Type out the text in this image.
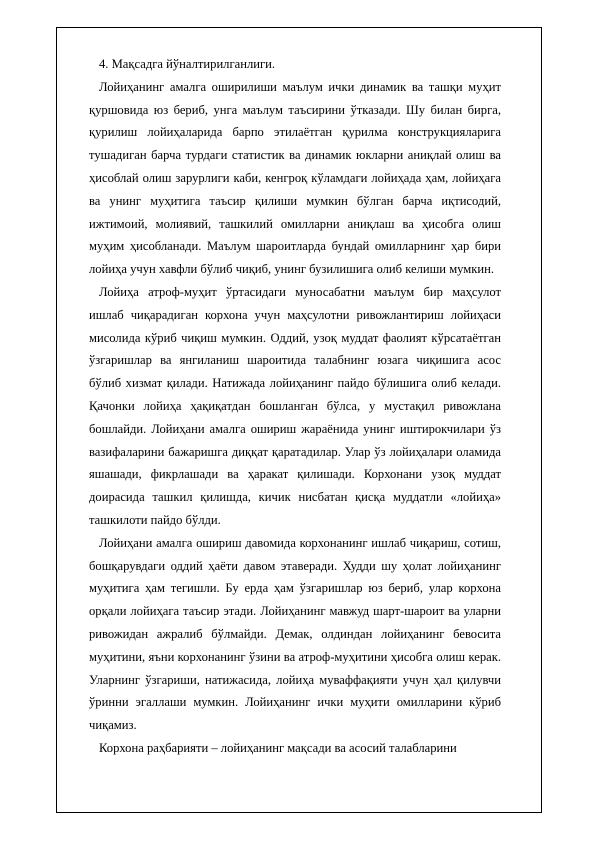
4. Мақсадга йўналтирилганлиги.

Лойиҳанинг амалга оширилиши маълум ички динамик ва ташқи муҳит қуршовида юз бериб, унга маълум таъсирини ўтказади. Шу билан бирга, қурилиш лойиҳаларида барпо этилаётган қурилма конструкцияларига тушадиган барча турдаги статистик ва динамик юкларни аниқлай олиш ва ҳисоблай олиш зарурлиги каби, кенгроқ кўламдаги лойиҳада ҳам, лойиҳага ва унинг муҳитига таъсир қилиши мумкин бўлган барча иқтисодий, ижтимоий, молиявий, ташкилий омилларни аниқлаш ва ҳисобга олиш муҳим ҳисобланади. Маълум шароитларда бундай омилларнинг ҳар бири лойиҳа учун хавфли бўлиб чиқиб, унинг бузилишига олиб келиши мумкин.

Лойиҳа атроф-муҳит ўртасидаги муносабатни маълум бир маҳсулот ишлаб чиқарадиган корхона учун маҳсулотни ривожлантириш лойиҳаси мисолида кўриб чиқиш мумкин. Оддий, узоқ муддат фаолият кўрсатаётган ўзгаришлар ва янгиланиш шароитида талабнинг юзага чиқишига асос бўлиб хизмат қилади. Натижада лойиҳанинг пайдо бўлишига олиб келади. Қачонки лойиҳа ҳақиқатдан бошланган бўлса, у мустақил ривожлана бошлайди. Лойиҳани амалга ошириш жараёнида унинг иштирокчилари ўз вазифаларини бажаришга диққат қаратадилар. Улар ўз лойиҳалари оламида яшашади, фикрлашади ва ҳаракат қилишади. Корхонани узоқ муддат доирасида ташкил қилишда, кичик нисбатан қисқа муддатли «лойиҳа» ташкилоти пайдо бўлди.

Лойиҳани амалга ошириш давомида корхонанинг ишлаб чиқариш, сотиш, бошқарувдаги оддий ҳаёти давом этаверади. Худди шу ҳолат лойиҳанинг муҳитига ҳам тегишли. Бу ерда ҳам ўзгаришлар юз бериб, улар корхона орқали лойиҳага таъсир этади. Лойиҳанинг мавжуд шарт-шароит ва уларни ривожидан ажралиб бўлмайди. Демак, олдиндан лойиҳанинг бевосита муҳитини, яъни корхонанинг ўзини ва атроф-муҳитини ҳисобга олиш керак. Уларнинг ўзгариши, натижасида, лойиҳа муваффақияти учун ҳал қилувчи ўринни эгаллаши мумкин. Лойиҳанинг ички муҳити омилларини кўриб чиқамиз.

Корхона раҳбарияти – лойиҳанинг мақсади ва асосий талабларини
